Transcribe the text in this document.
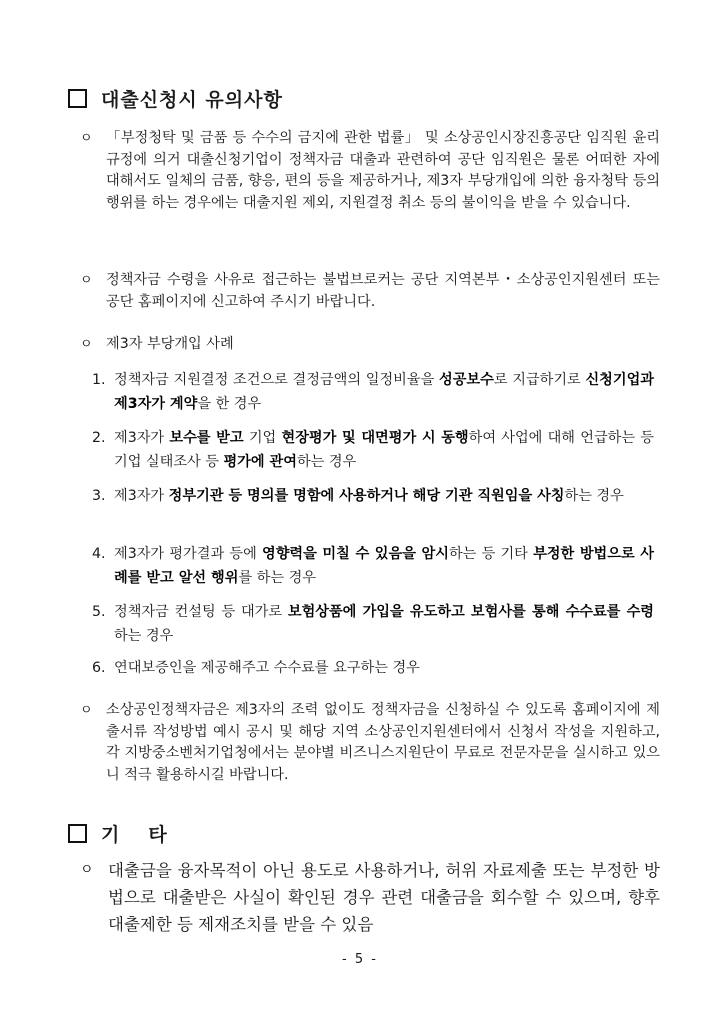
대출신청시 유의사항
ㅇ 「부정청탁 및 금품 등 수수의 금지에 관한 법률」 및 소상공인시장진흥공단 임직원 윤리규정에 의거 대출신청기업이 정책자금 대출과 관련하여 공단 임직원은 물론 어떠한 자에 대해서도 일체의 금품, 향응, 편의 등을 제공하거나, 제3자 부당개입에 의한 융자청탁 등의 행위를 하는 경우에는 대출지원 제외, 지원결정 취소 등의 불이익을 받을 수 있습니다.
ㅇ 정책자금 수령을 사유로 접근하는 불법브로커는 공단 지역본부・소상공인지원센터 또는 공단 홈페이지에 신고하여 주시기 바랍니다.
ㅇ 제3자 부당개입 사례
1. 정책자금 지원결정 조건으로 결정금액의 일정비율을 성공보수로 지급하기로 신청기업과 제3자가 계약을 한 경우
2. 제3자가 보수를 받고 기업 현장평가 및 대면평가 시 동행하여 사업에 대해 언급하는 등 기업 실태조사 등 평가에 관여하는 경우
3. 제3자가 정부기관 등 명의를 명함에 사용하거나 해당 기관 직원임을 사칭하는 경우
4. 제3자가 평가결과 등에 영향력을 미칠 수 있음을 암시하는 등 기타 부정한 방법으로 사례를 받고 알선 행위를 하는 경우
5. 정책자금 컨설팅 등 대가로 보험상품에 가입을 유도하고 보험사를 통해 수수료를 수령하는 경우
6. 연대보증인을 제공해주고 수수료를 요구하는 경우
ㅇ 소상공인정책자금은 제3자의 조력 없이도 정책자금을 신청하실 수 있도록 홈페이지에 제출서류 작성방법 예시 공시 및 해당 지역 소상공인지원센터에서 신청서 작성을 지원하고, 각 지방중소벤처기업청에서는 분야별 비즈니스지원단이 무료로 전문자문을 실시하고 있으니 적극 활용하시길 바랍니다.
기 타
ㅇ 대출금을 융자목적이 아닌 용도로 사용하거나, 허위 자료제출 또는 부정한 방법으로 대출받은 사실이 확인된 경우 관련 대출금을 회수할 수 있으며, 향후 대출제한 등 제재조치를 받을 수 있음
- 5 -
